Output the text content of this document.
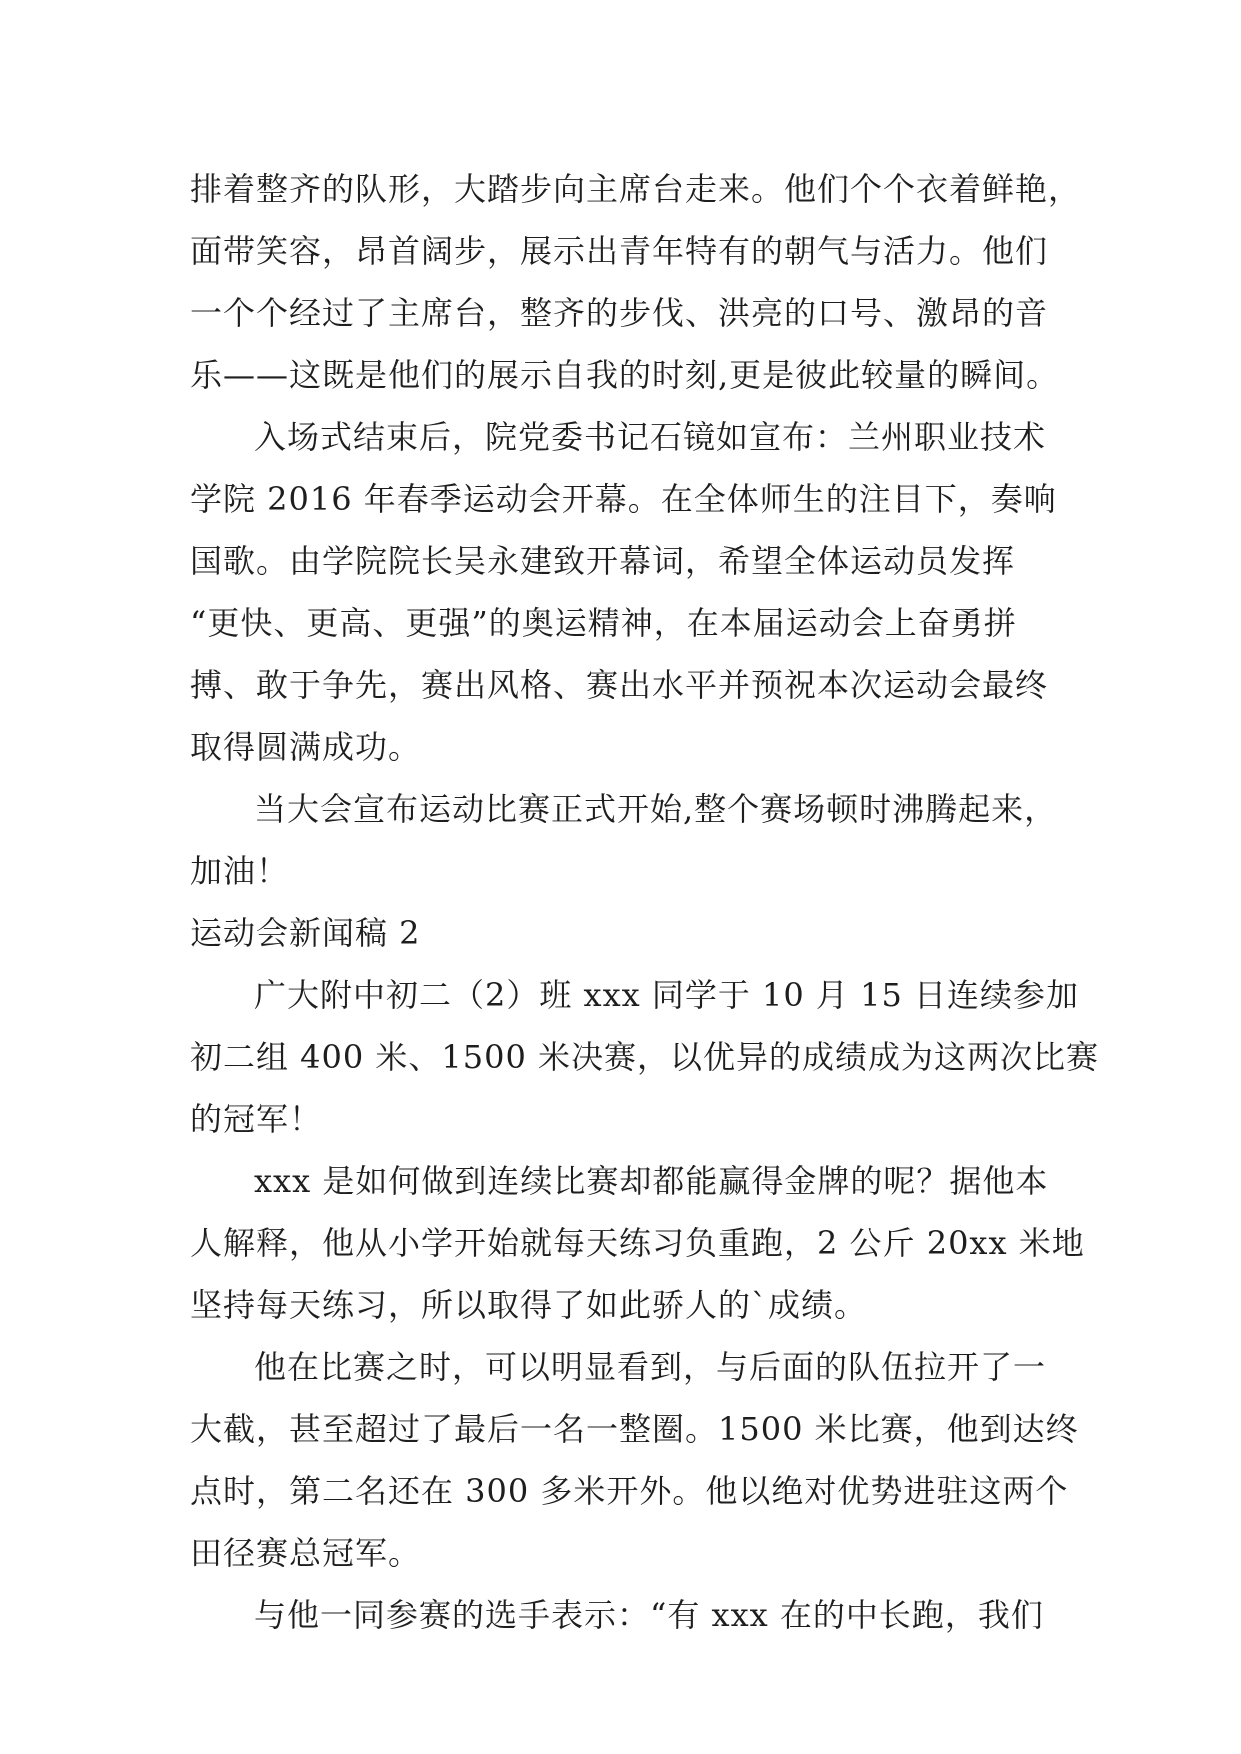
排着整齐的队形，大踏步向主席台走来。他们个个衣着鲜艳，
面带笑容，昂首阔步，展示出青年特有的朝气与活力。他们
一个个经过了主席台，整齐的步伐、洪亮的口号、激昂的音
乐——这既是他们的展示自我的时刻,更是彼此较量的瞬间。
入场式结束后，院党委书记石镜如宣布：兰州职业技术
学院 2016 年春季运动会开幕。在全体师生的注目下，奏响
国歌。由学院院长吴永建致开幕词，希望全体运动员发挥
“更快、更高、更强”的奥运精神，在本届运动会上奋勇拼
搏、敢于争先，赛出风格、赛出水平并预祝本次运动会最终
取得圆满成功。
当大会宣布运动比赛正式开始,整个赛场顿时沸腾起来，
加油！
运动会新闻稿 2
广大附中初二（2）班 xxx 同学于 10 月 15 日连续参加
初二组 400 米、1500 米决赛，以优异的成绩成为这两次比赛
的冠军！
xxx 是如何做到连续比赛却都能赢得金牌的呢？据他本
人解释，他从小学开始就每天练习负重跑，2 公斤 20xx 米地
坚持每天练习，所以取得了如此骄人的`成绩。
他在比赛之时，可以明显看到，与后面的队伍拉开了一
大截，甚至超过了最后一名一整圈。1500 米比赛，他到达终
点时，第二名还在 300 多米开外。他以绝对优势进驻这两个
田径赛总冠军。
与他一同参赛的选手表示：“有 xxx 在的中长跑，我们
